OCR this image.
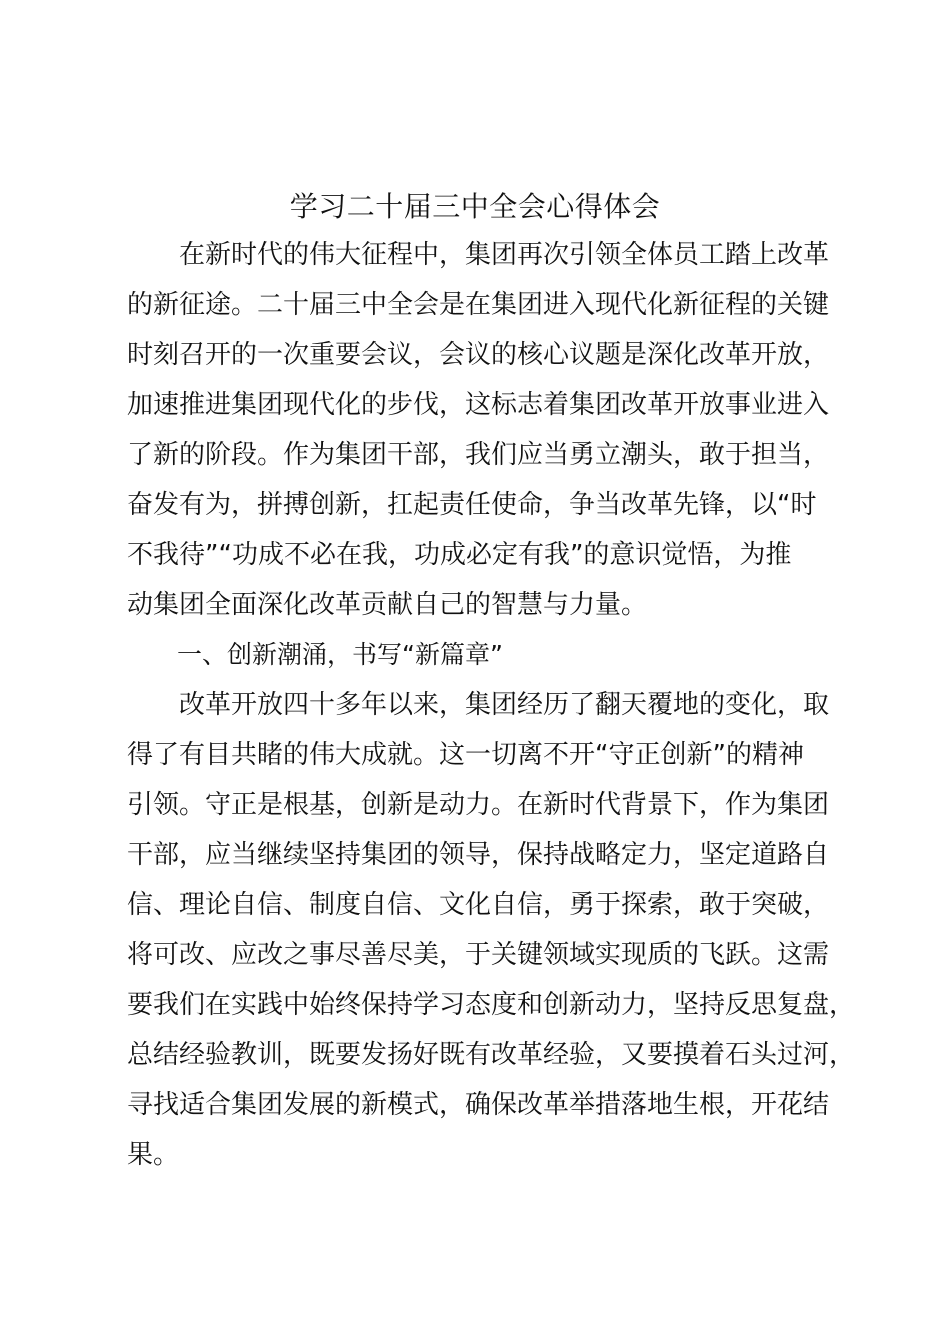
学习二十届三中全会心得体会
　　在新时代的伟大征程中，集团再次引领全体员工踏上改革
的新征途。二十届三中全会是在集团进入现代化新征程的关键
时刻召开的一次重要会议，会议的核心议题是深化改革开放，
加速推进集团现代化的步伐，这标志着集团改革开放事业进入
了新的阶段。作为集团干部，我们应当勇立潮头，敢于担当，
奋发有为，拼搏创新，扛起责任使命，争当改革先锋，以“时
不我待”“功成不必在我，功成必定有我”的意识觉悟，为推
动集团全面深化改革贡献自己的智慧与力量。
　　一、创新潮涌，书写“新篇章”
　　改革开放四十多年以来，集团经历了翻天覆地的变化，取
得了有目共睹的伟大成就。这一切离不开“守正创新”的精神
引领。守正是根基，创新是动力。在新时代背景下，作为集团
干部，应当继续坚持集团的领导，保持战略定力，坚定道路自
信、理论自信、制度自信、文化自信，勇于探索，敢于突破，
将可改、应改之事尽善尽美，于关键领域实现质的飞跃。这需
要我们在实践中始终保持学习态度和创新动力，坚持反思复盘，
总结经验教训，既要发扬好既有改革经验，又要摸着石头过河，
寻找适合集团发展的新模式，确保改革举措落地生根，开花结
果。
